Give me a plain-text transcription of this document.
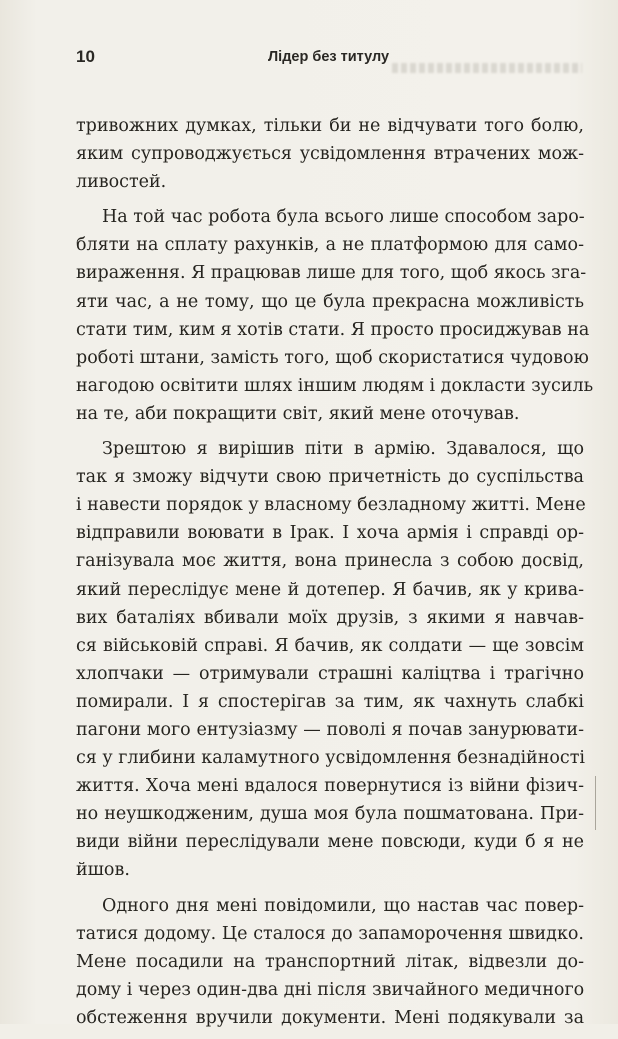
10	Лідер без титулу

тривожних думках, тільки би не відчувати того болю,
яким супроводжується усвідомлення втрачених мож-
ливостей.

На той час робота була всього лише способом заро-
бляти на сплату рахунків, а не платформою для само-
вираження. Я працював лише для того, щоб якось зга-
яти час, а не тому, що це була прекрасна можливість
стати тим, ким я хотів стати. Я просто просиджував на
роботі штани, замість того, щоб скористатися чудовою
нагодою освітити шлях іншим людям і докласти зусиль
на те, аби покращити світ, який мене оточував.

Зрештою я вирішив піти в армію. Здавалося, що
так я зможу відчути свою причетність до суспільства
і навести порядок у власному безладному житті. Мене
відправили воювати в Ірак. І хоча армія і справді ор-
ганізувала моє життя, вона принесла з собою досвід,
який переслідує мене й дотепер. Я бачив, як у крива-
вих баталіях вбивали моїх друзів, з якими я навчав-
ся військовій справі. Я бачив, як солдати — ще зовсім
хлопчаки — отримували страшні каліцтва і трагічно
помирали. І я спостерігав за тим, як чахнуть слабкі
пагони мого ентузіазму — поволі я почав занурювати-
ся у глибини каламутного усвідомлення безнадійності
життя. Хоча мені вдалося повернутися із війни фізич-
но неушкодженим, душа моя була пошматована. При-
види війни переслідували мене повсюди, куди б я не
йшов.

Одного дня мені повідомили, що настав час повер-
татися додому. Це сталося до запаморочення швидко.
Мене посадили на транспортний літак, відвезли до-
дому і через один-два дні після звичайного медичного
обстеження вручили документи. Мені подякували за
